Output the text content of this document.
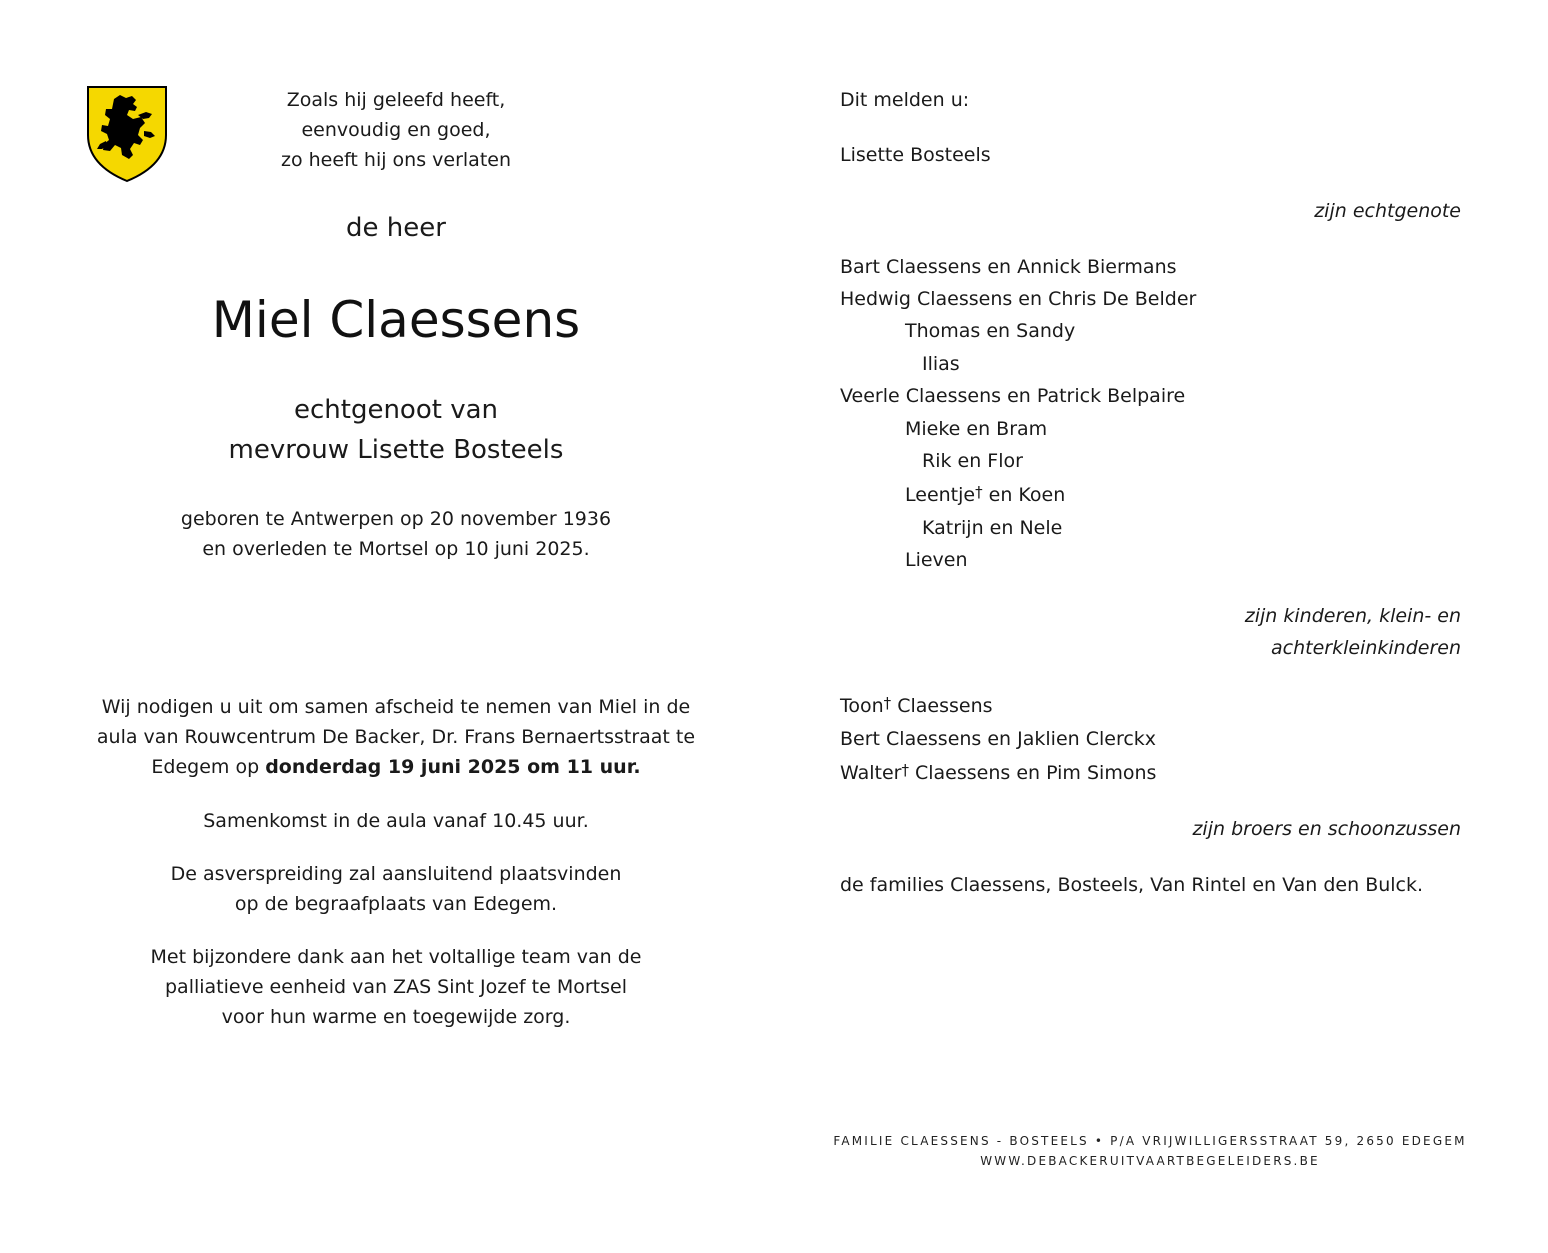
Zoals hij geleefd heeft,
eenvoudig en goed,
zo heeft hij ons verlaten
de heer
Miel Claessens
echtgenoot van
mevrouw Lisette Bosteels
geboren te Antwerpen op 20 november 1936
en overleden te Mortsel op 10 juni 2025.
Wij nodigen u uit om samen afscheid te nemen van Miel in de
aula van Rouwcentrum De Backer, Dr. Frans Bernaertsstraat te
Edegem op donderdag 19 juni 2025 om 11 uur.
Samenkomst in de aula vanaf 10.45 uur.
De asverspreiding zal aansluitend plaatsvinden
op de begraafplaats van Edegem.
Met bijzondere dank aan het voltallige team van de
palliatieve eenheid van ZAS Sint Jozef te Mortsel
voor hun warme en toegewijde zorg.
Dit melden u:
Lisette Bosteels
zijn echtgenote
Bart Claessens en Annick Biermans
Hedwig Claessens en Chris De Belder
Thomas en Sandy
Ilias
Veerle Claessens en Patrick Belpaire
Mieke en Bram
Rik en Flor
Leentje† en Koen
Katrijn en Nele
Lieven
zijn kinderen, klein- en
achterkleinkinderen
Toon† Claessens
Bert Claessens en Jaklien Clerckx
Walter† Claessens en Pim Simons
zijn broers en schoonzussen
de families Claessens, Bosteels, Van Rintel en Van den Bulck.
FAMILIE CLAESSENS - BOSTEELS • P/A VRIJWILLIGERSSTRAAT 59, 2650 EDEGEM
WWW.DEBACKERUITVAARTBEGELEIDERS.BE
